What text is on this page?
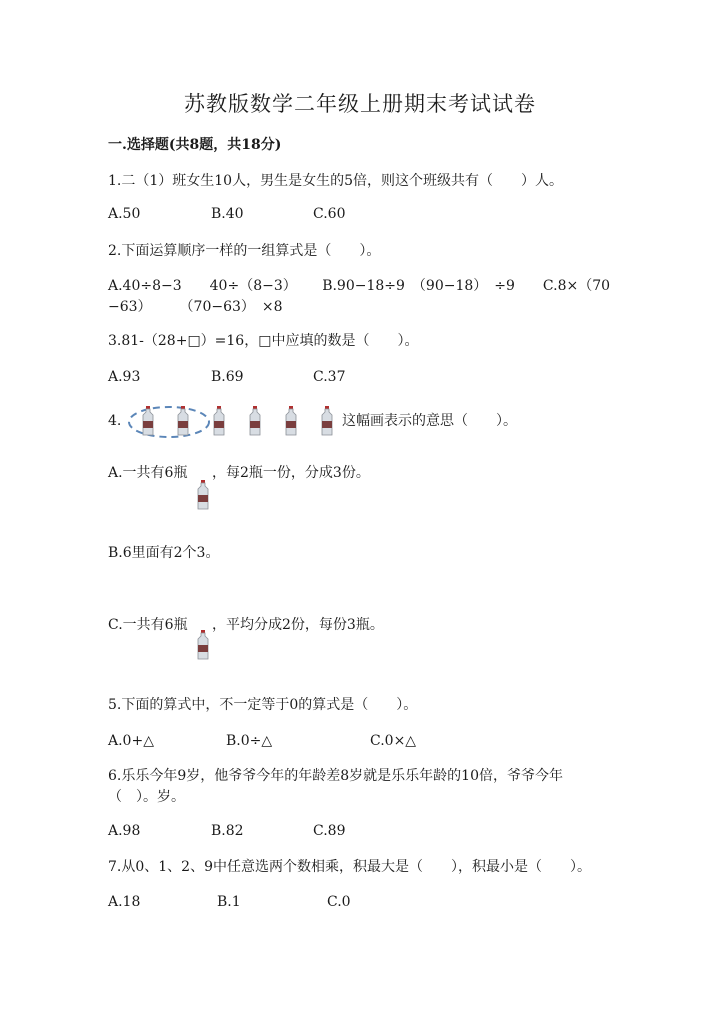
苏教版数学二年级上册期末考试试卷
一.选择题(共8题，共18分)
1.二（1）班女生10人，男生是女生的5倍，则这个班级共有（　　）人。
A.50	B.40	C.60
2.下面运算顺序一样的一组算式是（　　）。
A.40÷8−3　　40÷（8−3）　　 B.90−18÷9　（90−18）　÷9　　C.8×（70
−63）　　　（70−63）　×8
3.81-（28+□）=16，□中应填的数是（　　）。
A.93	B.69	C.37
4.	这幅画表示的意思（　　）。
A.一共有6瓶 ，每2瓶一份，分成3份。
B.6里面有2个3。
C.一共有6瓶 ，平均分成2份，每份3瓶。
5.下面的算式中，不一定等于0的算式是（　　）。
A.0+△	B.0÷△	C.0×△
6.乐乐今年9岁，他爷爷今年的年龄差8岁就是乐乐年龄的10倍，爷爷今年
（　）。岁。
A.98	B.82	C.89
7.从0、1、2、9中任意选两个数相乘，积最大是（　　），积最小是（　　）。
A.18	B.1	C.0
